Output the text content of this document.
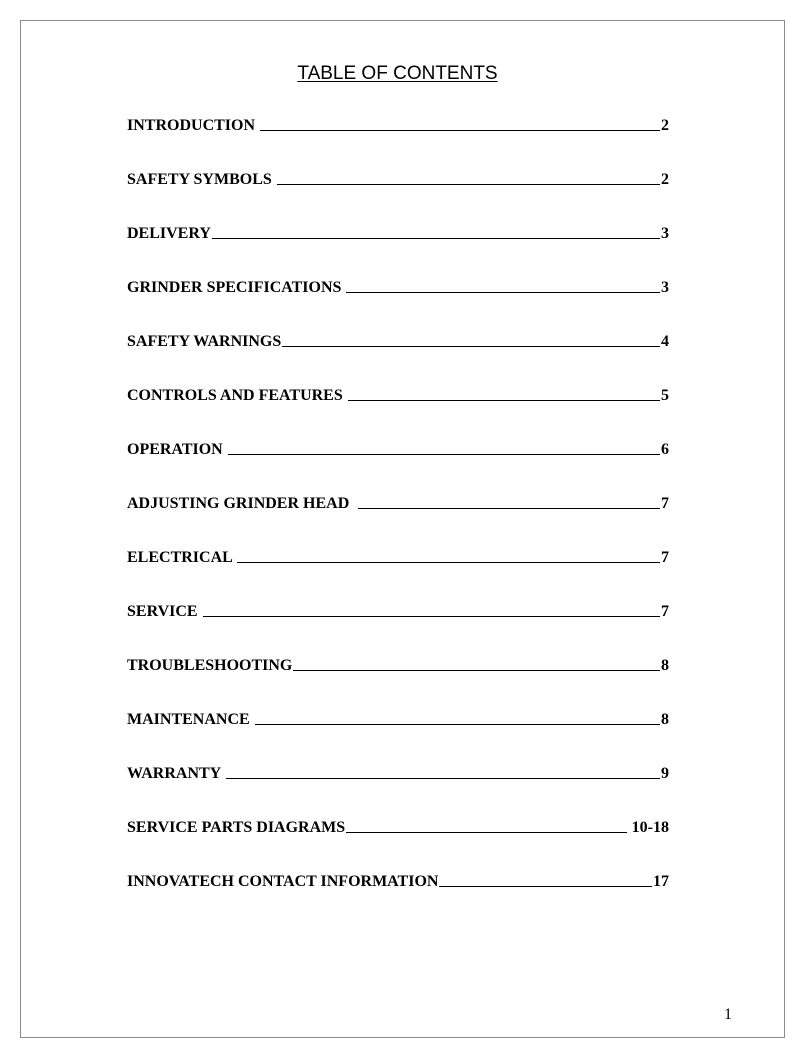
TABLE OF CONTENTS
INTRODUCTION	2
SAFETY SYMBOLS	2
DELIVERY	3
GRINDER SPECIFICATIONS	3
SAFETY WARNINGS	4
CONTROLS AND FEATURES	5
OPERATION	6
ADJUSTING GRINDER HEAD	7
ELECTRICAL	7
SERVICE	7
TROUBLESHOOTING	8
MAINTENANCE	8
WARRANTY	9
SERVICE PARTS DIAGRAMS	10-18
INNOVATECH CONTACT INFORMATION	17
1
